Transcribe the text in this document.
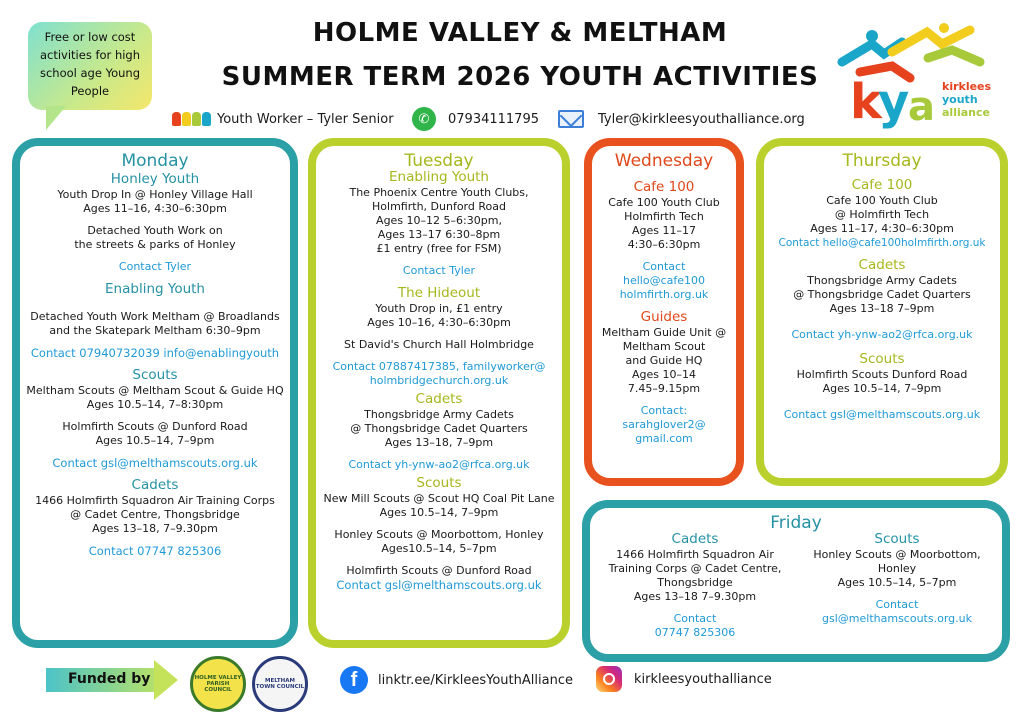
Free or low cost activities for high school age Young People
HOLME VALLEY & MELTHAM
SUMMER TERM 2026 YOUTH ACTIVITIES k
y
a kirklees
youth
alliance
Youth Worker – Tyler Senior	✆	07934111795	Tyler@kirkleesyouthalliance.org
Monday
Honley Youth

Youth Drop In @ Honley Village Hall
Ages 11–16, 4:30–6:30pm

Detached Youth Work on
the streets & parks of Honley

Contact Tyler

Enabling Youth

Detached Youth Work Meltham @ Broadlands
and the Skatepark Meltham 6:30–9pm

Contact 07940732039 info@enablingyouth

Scouts

Meltham Scouts @ Meltham Scout & Guide HQ
Ages 10.5–14, 7–8:30pm

Holmfirth Scouts @ Dunford Road
Ages 10.5–14, 7–9pm

Contact gsl@melthamscouts.org.uk

Cadets

1466 Holmfirth Squadron Air Training Corps
@ Cadet Centre, Thongsbridge
Ages 13–18, 7–9.30pm

Contact 07747 825306

Tuesday
Enabling Youth

The Phoenix Centre Youth Clubs,
Holmfirth, Dunford Road
Ages 10–12 5–6:30pm,
Ages 13–17 6:30–8pm
£1 entry (free for FSM)

Contact Tyler

The Hideout

Youth Drop in, £1 entry
Ages 10–16, 4:30–6:30pm

St David's Church Hall Holmbridge

Contact 07887417385, familyworker@
holmbridgechurch.org.uk

Cadets

Thongsbridge Army Cadets
@ Thongsbridge Cadet Quarters
Ages 13–18, 7–9pm

Contact yh-ynw-ao2@rfca.org.uk

Scouts

New Mill Scouts @ Scout HQ Coal Pit Lane
Ages 10.5–14, 7–9pm

Honley Scouts @ Moorbottom, Honley
Ages10.5–14, 5–7pm

Holmfirth Scouts @ Dunford Road

Contact gsl@melthamscouts.org.uk

Wednesday
Cafe 100

Cafe 100 Youth Club
Holmfirth Tech
Ages 11–17
4:30–6:30pm

Contact
hello@cafe100
holmfirth.org.uk

Guides

Meltham Guide Unit @
Meltham Scout
and Guide HQ
Ages 10–14
7.45–9.15pm

Contact:
sarahglover2@
gmail.com

Thursday
Cafe 100

Cafe 100 Youth Club
@ Holmfirth Tech
Ages 11–17, 4:30–6:30pm

Contact hello@cafe100holmfirth.org.uk

Cadets

Thongsbridge Army Cadets
@ Thongsbridge Cadet Quarters
Ages 13–18 7–9pm

Contact yh-ynw-ao2@rfca.org.uk

Scouts

Holmfirth Scouts Dunford Road
Ages 10.5–14, 7–9pm

Contact gsl@melthamscouts.org.uk

Friday
Cadets

1466 Holmfirth Squadron Air
Training Corps @ Cadet Centre,
Thongsbridge
Ages 13–18 7–9.30pm

Contact
07747 825306

Scouts

Honley Scouts @ Moorbottom,
Honley
Ages 10.5–14, 5–7pm

Contact
gsl@melthamscouts.org.uk

Funded by	HOLME VALLEY PARISH COUNCIL
MELTHAM TOWN COUNCIL	f	linktr.ee/KirkleesYouthAlliance	kirkleesyouthalliance
